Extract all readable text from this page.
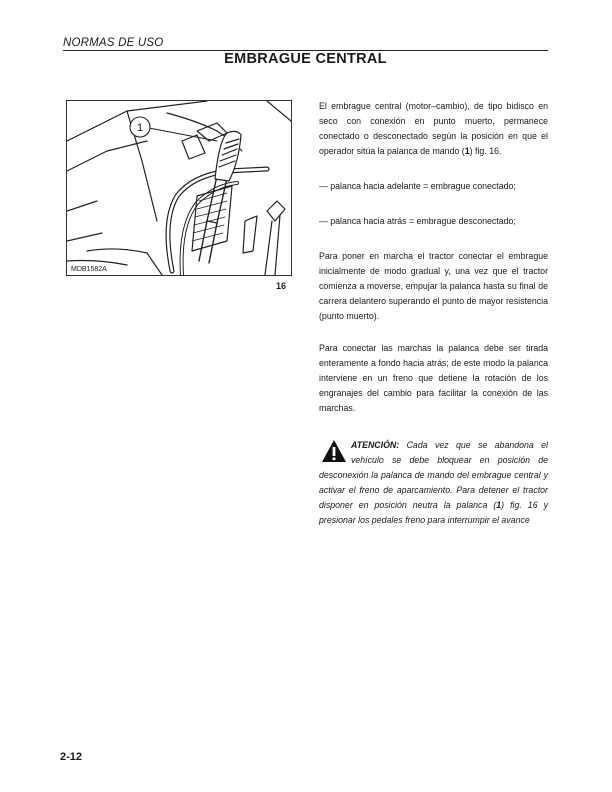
NORMAS DE USO
EMBRAGUE CENTRAL
1
MDB1582A
16

El embrague central (motor–cambio), de tipo bidisco en seco con conexión en punto muerto, permanece conectado o desconectado según la posición en que el operador sitúa la palanca de mando (1) fig. 16.

— palanca hacia adelante = embrague conectado;

— palanca hacia atrás = embrague desconectado;

Para poner en marcha el tractor conectar el embrague inicialmente de modo gradual y, una vez que el tractor comienza a moverse, empujar la palanca hasta su final de carrera delantero superando el punto de mayor resistencia (punto muerto).

Para conectar las marchas la palanca debe ser tirada enteramente a fondo hacia atrás; de este modo la palanca interviene en un freno que detiene la rotación de los engranajes del cambio para facilitar la conexión de las marchas.

ATENCIÓN: Cada vez que se abandona el vehículo se debe bloquear en posición de desconexión la palanca de mando del embrague central y activar el freno de aparcamiento. Para detener el tractor disponer en posición neutra la palanca (1) fig. 16 y presionar los pedales freno para interrumpir el avance
2-12
